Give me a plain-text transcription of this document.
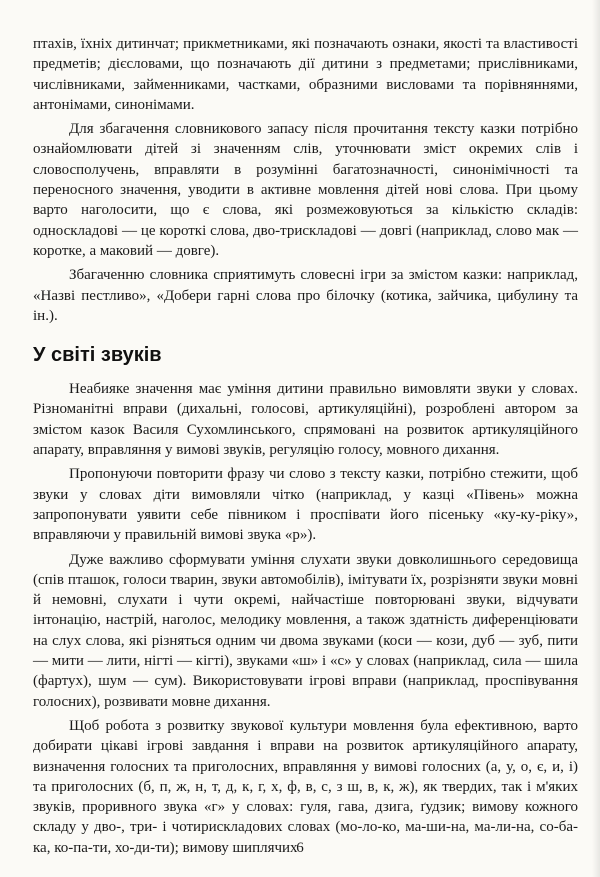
птахів, їхніх дитинчат; прикметниками, які позначають ознаки, якості та властивості предметів; дієсловами, що позначають дії дитини з предметами; прислівниками, числівниками, займенниками, частками, образними висловами та порівняннями, антонімами, синонімами.

Для збагачення словникового запасу після прочитання тексту казки потрібно ознайомлювати дітей зі значенням слів, уточнювати зміст окремих слів і словосполучень, вправляти в розумінні багатозначності, синонімічності та переносного значення, уводити в активне мовлення дітей нові слова. При цьому варто наголосити, що є слова, які розмежовуються за кількістю складів: односкладові — це короткі слова, дво-трискладові — довгі (наприклад, слово мак — коротке, а маковий — довге).

Збагаченню словника сприятимуть словесні ігри за змістом казки: наприклад, «Назві пестливо», «Добери гарні слова про білочку (котика, зайчика, цибулину та ін.).

У світі звуків

Неабияке значення має уміння дитини правильно вимовляти звуки у словах. Різноманітні вправи (дихальні, голосові, артикуляційні), розроблені автором за змістом казок Василя Сухомлинського, спрямовані на розвиток артикуляційного апарату, вправляння у вимові звуків, регуляцію голосу, мовного дихання.

Пропонуючи повторити фразу чи слово з тексту казки, потрібно стежити, щоб звуки у словах діти вимовляли чітко (наприклад, у казці «Півень» можна запропонувати уявити себе півником і проспівати його пісеньку «ку-ку-ріку», вправляючи у правильній вимові звука «р»).

Дуже важливо сформувати уміння слухати звуки довколишнього середовища (спів пташок, голоси тварин, звуки автомобілів), імітувати їх, розрізняти звуки мовні й немовні, слухати і чути окремі, найчастіше повторювані звуки, відчувати інтонацію, настрій, наголос, мелодику мовлення, а також здатність диференціювати на слух слова, які різняться одним чи двома звуками (коси — кози, дуб — зуб, пити — мити — лити, нігті — кігті), звуками «ш» і «с» у словах (наприклад, сила — шила (фартух), шум — сум). Використовувати ігрові вправи (наприклад, проспівування голосних), розвивати мовне дихання.

Щоб робота з розвитку звукової культури мовлення була ефективною, варто добирати цікаві ігрові завдання і вправи на розвиток артикуляційного апарату, визначення голосних та приголосних, вправляння у вимові голосних (а, у, о, є, и, і) та приголосних (б, п, ж, н, т, д, к, г, х, ф, в, с, з ш, в, к, ж), як твердих, так і м'яких звуків, проривного звука «г» у словах: гуля, гава, дзига, ґудзик; вимову кожного складу у дво-, три- і чотирискладових словах (мо-ло-ко, ма-ши-на, ма-ли-на, со-ба-ка, ко-па-ти, хо-ди-ти); вимову шиплячих

6
